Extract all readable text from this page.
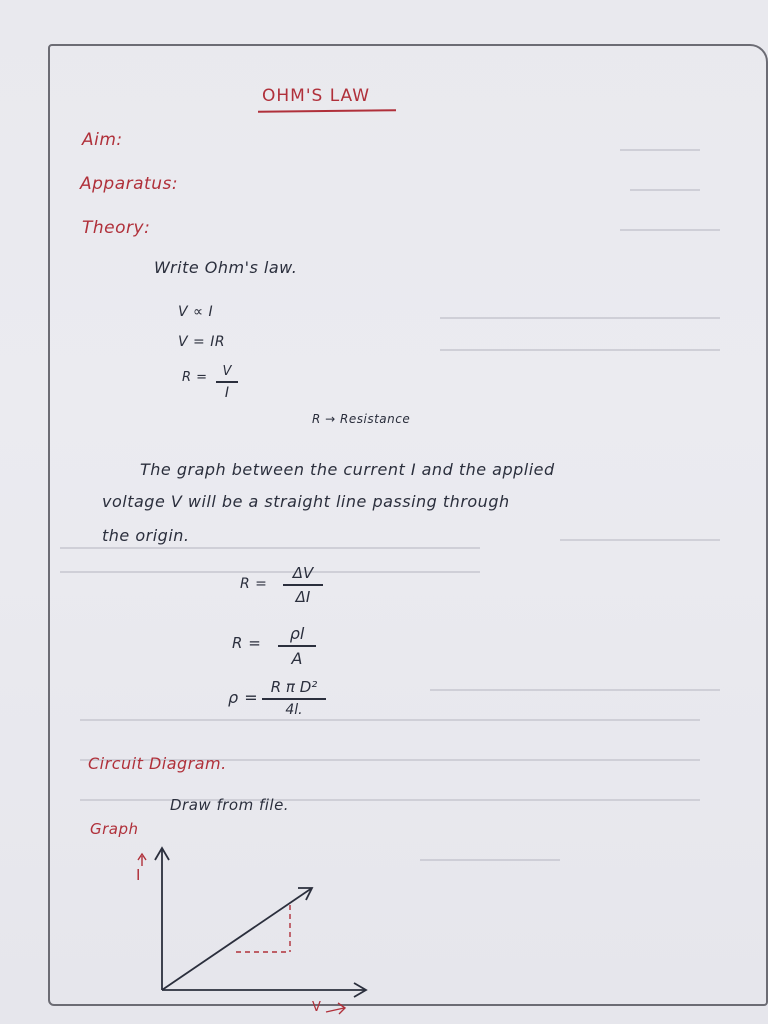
OHM'S LAW
Aim:
Apparatus:
Theory:
Write Ohm's law.
V ∝ I
V = IR
R = V
I
R → Resistance
The graph between the current I and the applied
voltage V will be a straight line passing through
the origin.
R =
ΔV
ΔI
R = ρl
A
ρ =
R π D²
4l.
Circuit Diagram.
Draw from file.
Graph
I
V
